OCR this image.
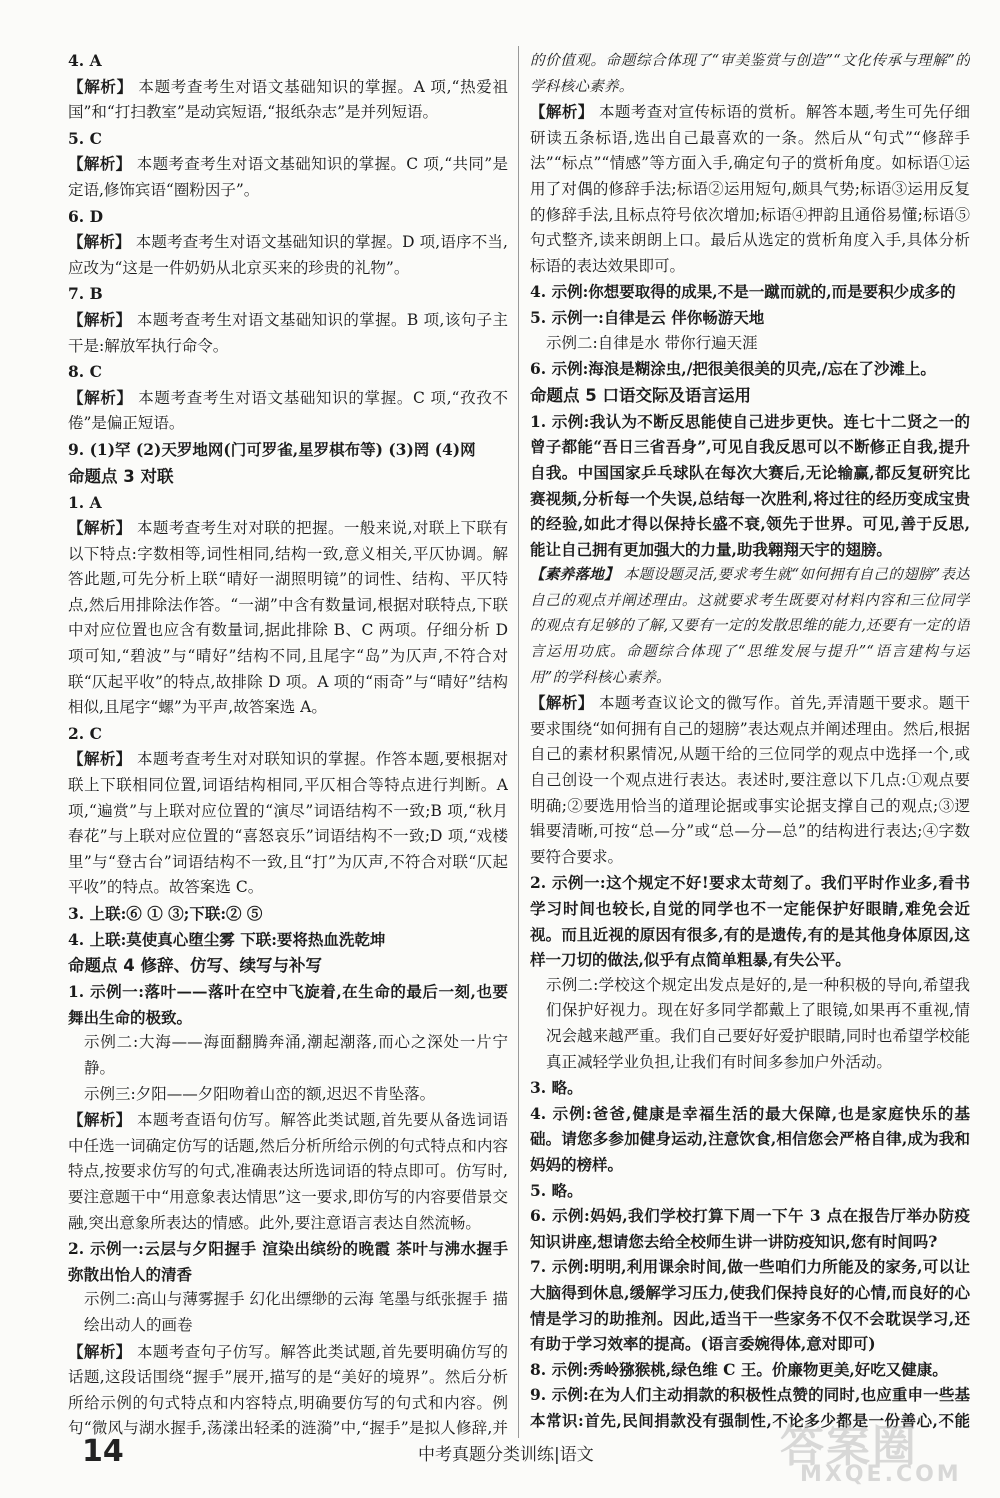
4. A

【解析】 本题考查考生对语文基础知识的掌握。A 项,“热爱祖国”和“打扫教室”是动宾短语,“报纸杂志”是并列短语。

5. C

【解析】 本题考查考生对语文基础知识的掌握。C 项,“共同”是定语,修饰宾语“圈粉因子”。

6. D

【解析】 本题考查考生对语文基础知识的掌握。D 项,语序不当,应改为“这是一件奶奶从北京买来的珍贵的礼物”。

7. B

【解析】 本题考查考生对语文基础知识的掌握。B 项,该句子主干是:解放军执行命令。

8. C

【解析】 本题考查考生对语文基础知识的掌握。C 项,“孜孜不倦”是偏正短语。

9. (1)罕 (2)天罗地网(门可罗雀,星罗棋布等) (3)罔 (4)网

命题点 3 对联

1. A

【解析】 本题考查考生对对联的把握。一般来说,对联上下联有以下特点:字数相等,词性相同,结构一致,意义相关,平仄协调。解答此题,可先分析上联“晴好一湖照明镜”的词性、结构、平仄特点,然后用排除法作答。“一湖”中含有数量词,根据对联特点,下联中对应位置也应含有数量词,据此排除 B、C 两项。仔细分析 D 项可知,“碧波”与“晴好”结构不同,且尾字“岛”为仄声,不符合对联“仄起平收”的特点,故排除 D 项。A 项的“雨奇”与“晴好”结构相似,且尾字“螺”为平声,故答案选 A。

2. C

【解析】 本题考查考生对对联知识的掌握。作答本题,要根据对联上下联相同位置,词语结构相同,平仄相合等特点进行判断。A 项,“遍赏”与上联对应位置的“演尽”词语结构不一致;B 项,“秋月春花”与上联对应位置的“喜怒哀乐”词语结构不一致;D 项,“戏楼里”与“登古台”词语结构不一致,且“打”为仄声,不符合对联“仄起平收”的特点。故答案选 C。

3. 上联:⑥ ① ③;下联:② ⑤

4. 上联:莫使真心堕尘雾 下联:要将热血洗乾坤

命题点 4 修辞、仿写、续写与补写

1. 示例一:落叶——落叶在空中飞旋着,在生命的最后一刻,也要舞出生命的极致。

示例二:大海——海面翻腾奔涌,潮起潮落,而心之深处一片宁静。

示例三:夕阳——夕阳吻着山峦的额,迟迟不肯坠落。

【解析】 本题考查语句仿写。解答此类试题,首先要从备选词语中任选一词确定仿写的话题,然后分析所给示例的句式特点和内容特点,按要求仿写的句式,准确表达所选词语的特点即可。仿写时,要注意题干中“用意象表达情思”这一要求,即仿写的内容要借景交融,突出意象所表达的情感。此外,要注意语言表达自然流畅。

2. 示例一:云层与夕阳握手 渲染出缤纷的晚霞 茶叶与沸水握手 弥散出怡人的清香

示例二:高山与薄雾握手 幻化出缥缈的云海 笔墨与纸张握手 描绘出动人的画卷

【解析】 本题考查句子仿写。解答此类试题,首先要明确仿写的话题,这段话围绕“握手”展开,描写的是“美好的境界”。然后分析所给示例的句式特点和内容特点,明确要仿写的句式和内容。例句“微风与湖水握手,荡漾出轻柔的涟漪”中,“握手”是拟人修辞,并

的价值观。命题综合体现了“审美鉴赏与创造”“文化传承与理解”的学科核心素养。

【解析】 本题考查对宣传标语的赏析。解答本题,考生可先仔细研读五条标语,选出自己最喜欢的一条。然后从“句式”“修辞手法”“标点”“情感”等方面入手,确定句子的赏析角度。如标语①运用了对偶的修辞手法;标语②运用短句,颇具气势;标语③运用反复的修辞手法,且标点符号依次增加;标语④押韵且通俗易懂;标语⑤句式整齐,读来朗朗上口。最后从选定的赏析角度入手,具体分析标语的表达效果即可。

4. 示例:你想要取得的成果,不是一蹴而就的,而是要积少成多的

5. 示例一:自律是云 伴你畅游天地

示例二:自律是水 带你行遍天涯

6. 示例:海浪是糊涂虫,/把很美很美的贝壳,/忘在了沙滩上。

命题点 5 口语交际及语言运用

1. 示例:我认为不断反思能使自己进步更快。连七十二贤之一的曾子都能“吾日三省吾身”,可见自我反思可以不断修正自我,提升自我。中国国家乒乓球队在每次大赛后,无论输赢,都反复研究比赛视频,分析每一个失误,总结每一次胜利,将过往的经历变成宝贵的经验,如此才得以保持长盛不衰,领先于世界。可见,善于反思,能让自己拥有更加强大的力量,助我翱翔天宇的翅膀。

【素养落地】 本题设题灵活,要求考生就“如何拥有自己的翅膀”表达自己的观点并阐述理由。这就要求考生既要对材料内容和三位同学的观点有足够的了解,又要有一定的发散思维的能力,还要有一定的语言运用功底。命题综合体现了“思维发展与提升”“语言建构与运用”的学科核心素养。

【解析】 本题考查议论文的微写作。首先,弄清题干要求。题干要求围绕“如何拥有自己的翅膀”表达观点并阐述理由。然后,根据自己的素材积累情况,从题干给的三位同学的观点中选择一个,或自己创设一个观点进行表达。表述时,要注意以下几点:①观点要明确;②要选用恰当的道理论据或事实论据支撑自己的观点;③逻辑要清晰,可按“总—分”或“总—分—总”的结构进行表达;④字数要符合要求。

2. 示例一:这个规定不好!要求太苛刻了。我们平时作业多,看书学习时间也较长,自觉的同学也不一定能保护好眼睛,难免会近视。而且近视的原因有很多,有的是遗传,有的是其他身体原因,这样一刀切的做法,似乎有点简单粗暴,有失公平。

示例二:学校这个规定出发点是好的,是一种积极的导向,希望我们保护好视力。现在好多同学都戴上了眼镜,如果再不重视,情况会越来越严重。我们自己要好好爱护眼睛,同时也希望学校能真正减轻学业负担,让我们有时间多参加户外活动。

3. 略。

4. 示例:爸爸,健康是幸福生活的最大保障,也是家庭快乐的基础。请您多参加健身运动,注意饮食,相信您会严格自律,成为我和妈妈的榜样。

5. 略。

6. 示例:妈妈,我们学校打算下周一下午 3 点在报告厅举办防疫知识讲座,想请您去给全校师生讲一讲防疫知识,您有时间吗?

7. 示例:明明,利用课余时间,做一些咱们力所能及的家务,可以让大脑得到休息,缓解学习压力,使我们保持良好的心情,而良好的心情是学习的助推剂。因此,适当干一些家务不仅不会耽误学习,还有助于学习效率的提高。(语言委婉得体,意对即可)

8. 示例:秀岭猕猴桃,绿色维 C 王。价廉物更美,好吃又健康。

9. 示例:在为人们主动捐款的积极性点赞的同时,也应重申一些基本常识:首先,民间捐款没有强制性,不论多少都是一份善心,不能

14	中考真题分类训练|语文	答案圈
MXQE.COM
